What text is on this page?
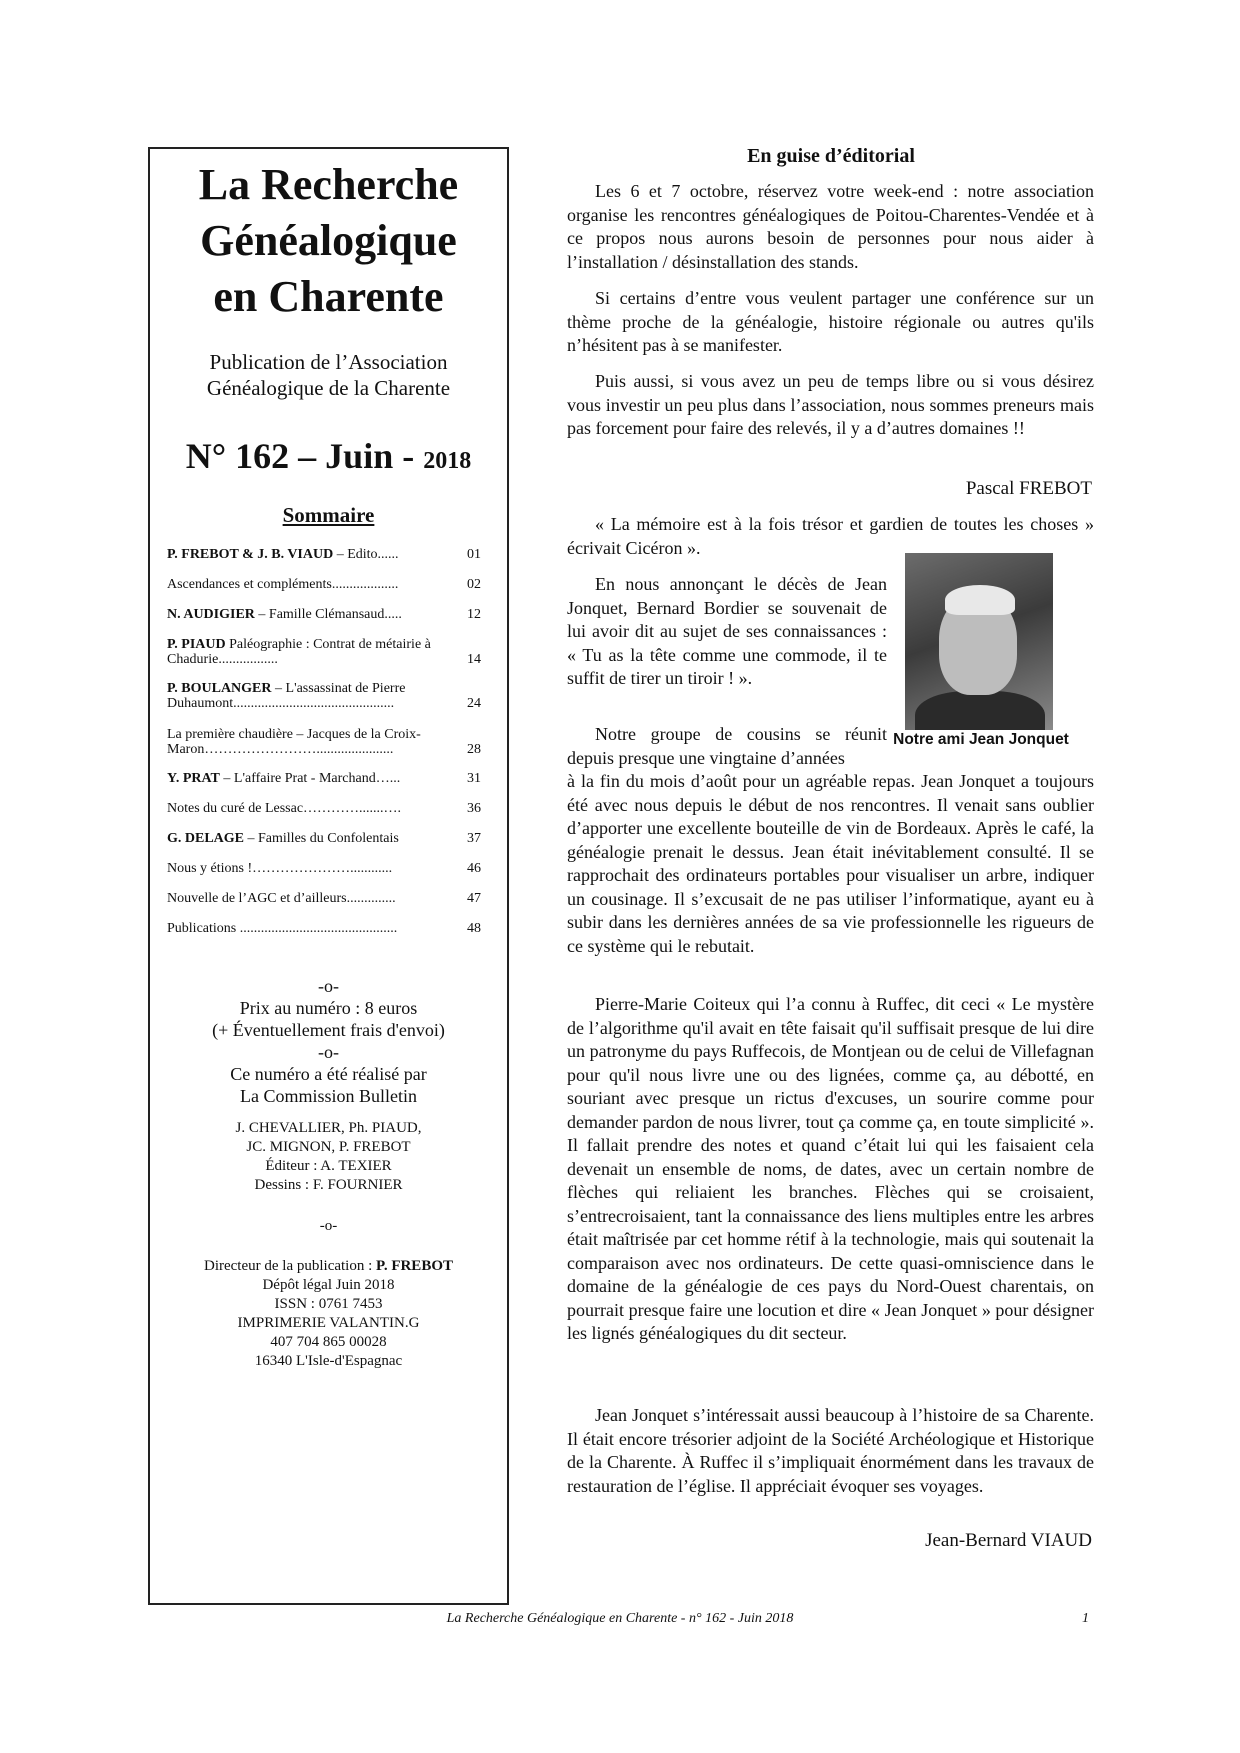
La Recherche
Généalogique
en Charente
Publication de l’Association
Généalogique de la Charente
N° 162 – Juin - 2018
Sommaire
P. FREBOT & J. B. VIAUD – Edito......	01
Ascendances et compléments...................	02
N. AUDIGIER – Famille Clémansaud.....	12
P. PIAUD Paléographie : Contrat de métairie à Chadurie.................	14
P. BOULANGER – L'assassinat de Pierre Duhaumont..............................................	24
La première chaudière – Jacques de la Croix-Maron……………………......................	28
Y. PRAT – L'affaire Prat - Marchand…...	31
Notes du curé de Lessac………….......….	36
G. DELAGE – Familles du Confolentais	37
Nous y étions !…………………............	46
Nouvelle de l’AGC et d’ailleurs..............	47
Publications .............................................	48
-o-
Prix au numéro : 8 euros
(+ Éventuellement frais d'envoi)
-o-
Ce numéro a été réalisé par
La Commission Bulletin
J. CHEVALLIER, Ph. PIAUD,
JC. MIGNON, P. FREBOT
Éditeur : A. TEXIER
Dessins : F. FOURNIER
-o-
Directeur de la publication : P. FREBOT
Dépôt légal Juin 2018
ISSN : 0761 7453
IMPRIMERIE VALANTIN.G
407 704 865 00028
16340 L'Isle-d'Espagnac
En guise d’éditorial
Les 6 et 7 octobre, réservez votre week-end : notre association organise les rencontres généalogiques de Poitou-Charentes-Vendée et à ce propos nous aurons besoin de personnes pour nous aider à l’installation / désinstallation des stands.
Si certains d’entre vous veulent partager une conférence sur un thème proche de la généalogie, histoire régionale ou autres qu'ils n’hésitent pas à se manifester.
Puis aussi, si vous avez un peu de temps libre ou si vous désirez vous investir un peu plus dans l’association, nous sommes preneurs mais pas forcement pour faire des relevés, il y a d’autres domaines !!
Pascal FREBOT
« La mémoire est à la fois trésor et gardien de toutes les choses » écrivait Cicéron ».
En nous annonçant le décès de Jean Jonquet, Bernard Bordier se souvenait de lui avoir dit au sujet de ses connaissances : « Tu as la tête comme une commode, il te suffit de tirer un tiroir ! ».
Notre ami Jean Jonquet
Notre groupe de cousins se réunit depuis presque une vingtaine d’années
à la fin du mois d’août pour un agréable repas. Jean Jonquet a toujours été avec nous depuis le début de nos rencontres. Il venait sans oublier d’apporter une excellente bouteille de vin de Bordeaux. Après le café, la généalogie prenait le dessus. Jean était inévitablement consulté. Il se rapprochait des ordinateurs portables pour visualiser un arbre, indiquer un cousinage. Il s’excusait de ne pas utiliser l’informatique, ayant eu à subir dans les dernières années de sa vie professionnelle les rigueurs de ce système qui le rebutait.
Pierre-Marie Coiteux qui l’a connu à Ruffec, dit ceci « Le mystère de l’algorithme qu'il avait en tête faisait qu'il suffisait presque de lui dire un patronyme du pays Ruffecois, de Montjean ou de celui de Villefagnan pour qu'il nous livre une ou des lignées, comme ça, au débotté, en souriant avec presque un rictus d'excuses, un sourire comme pour demander pardon de nous livrer, tout ça comme ça, en toute simplicité ». Il fallait prendre des notes et quand c’était lui qui les faisaient cela devenait un ensemble de noms, de dates, avec un certain nombre de flèches qui reliaient les branches. Flèches qui se croisaient, s’entrecroisaient, tant la connaissance des liens multiples entre les arbres était maîtrisée par cet homme rétif à la technologie, mais qui soutenait la comparaison avec nos ordinateurs. De cette quasi-omniscience dans le domaine de la généalogie de ces pays du Nord-Ouest charentais, on pourrait presque faire une locution et dire « Jean Jonquet » pour désigner les lignés généalogiques du dit secteur.
Jean Jonquet s’intéressait aussi beaucoup à l’histoire de sa Charente. Il était encore trésorier adjoint de la Société Archéologique et Historique de la Charente. À Ruffec il s’impliquait énormément dans les travaux de restauration de l’église. Il appréciait évoquer ses voyages.
Jean-Bernard VIAUD
La Recherche Généalogique en Charente - n° 162 - Juin 2018	1
